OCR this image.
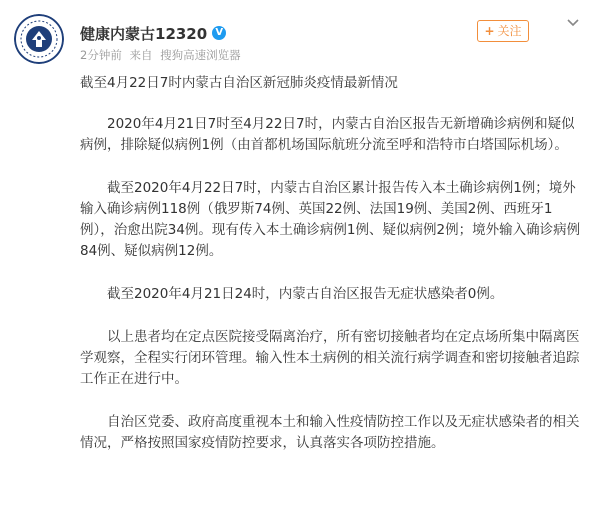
健康内蒙古12320 V
2分钟前 来自 搜狗高速浏览器
+ 关注
截至4月22日7时内蒙古自治区新冠肺炎疫情最新情况

2020年4月21日7时至4月22日7时，内蒙古自治区报告无新增确诊病例和疑似病例，排除疑似病例1例（由首都机场国际航班分流至呼和浩特市白塔国际机场）。

截至2020年4月22日7时，内蒙古自治区累计报告传入本土确诊病例1例；境外输入确诊病例118例（俄罗斯74例、英国22例、法国19例、美国2例、西班牙1例），治愈出院34例。现有传入本土确诊病例1例、疑似病例2例；境外输入确诊病例84例、疑似病例12例。

截至2020年4月21日24时，内蒙古自治区报告无症状感染者0例。

以上患者均在定点医院接受隔离治疗，所有密切接触者均在定点场所集中隔离医学观察，全程实行闭环管理。输入性本土病例的相关流行病学调查和密切接触者追踪工作正在进行中。

自治区党委、政府高度重视本土和输入性疫情防控工作以及无症状感染者的相关情况，严格按照国家疫情防控要求，认真落实各项防控措施。
